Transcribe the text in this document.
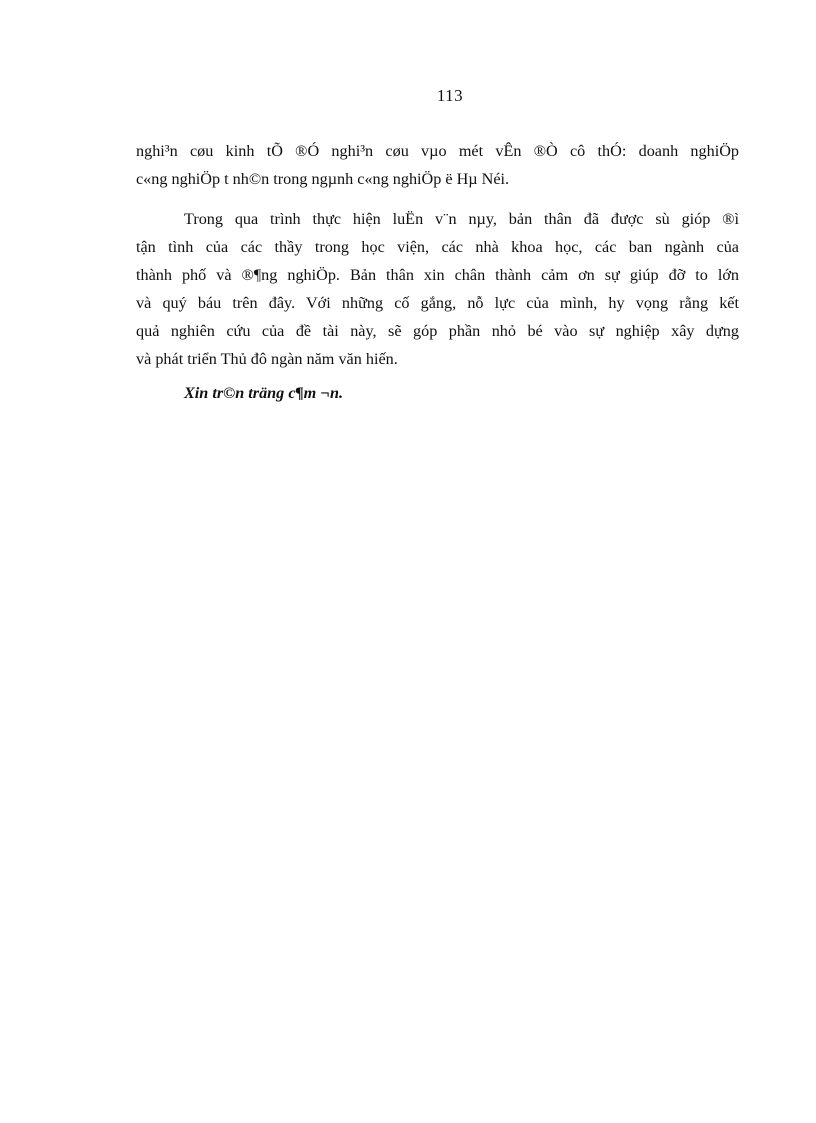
113
nghi³n cøu kinh tÕ ®Ó nghi³n cøu vµo mét vÊn ®Ò cô thÓ: doanh nghiÖp
c«ng nghiÖp t nh©n trong ngµnh c«ng nghiÖp ë Hµ Néi.
Trong qua trình thực hiện luËn v¨n nµy, bản thân đã được sù gióp ®ì
tận tình của các thầy trong học viện, các nhà khoa học, các ban ngành của
thành phố và ®¶ng nghiÖp. Bản thân xin chân thành cảm ơn sự giúp đỡ to lớn
và quý báu trên đây. Với những cố gắng, nỗ lực của mình, hy vọng rằng kết
quả nghiên cứu của đề tài này, sẽ góp phần nhỏ bé vào sự nghiệp xây dựng
và phát triển Thủ đô ngàn năm văn hiến.
Xin tr©n träng c¶m ¬n.
